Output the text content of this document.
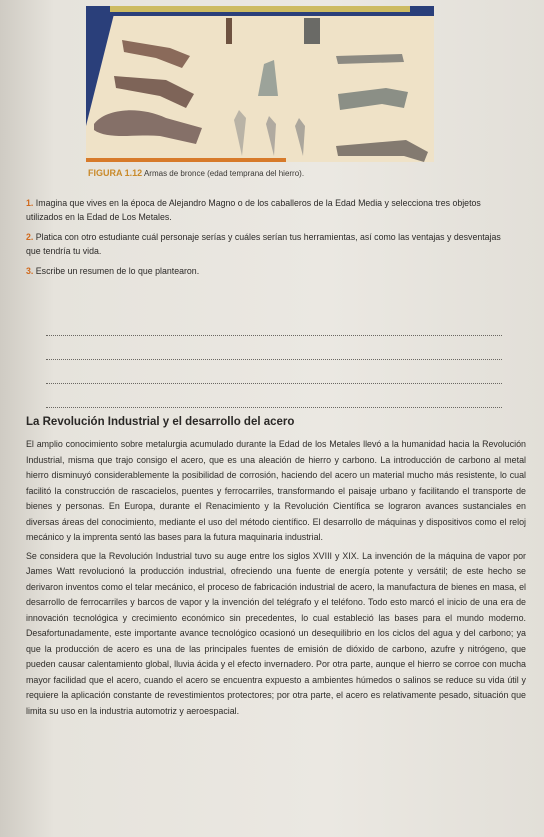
FIGURA 1.12 Armas de bronce (edad temprana del hierro).
1. Imagina que vives en la época de Alejandro Magno o de los caballeros de la Edad Media y selecciona tres objetos utilizados en la Edad de Los Metales.
2. Platica con otro estudiante cuál personaje serías y cuáles serían tus herramientas, así como las ventajas y desventajas que tendría tu vida.
3. Escribe un resumen de lo que plantearon.
La Revolución Industrial y el desarrollo del acero

El amplio conocimiento sobre metalurgia acumulado durante la Edad de los Metales llevó a la humanidad hacia la Revolución Industrial, misma que trajo consigo el acero, que es una aleación de hierro y carbono. La introducción de carbono al metal hierro disminuyó considerablemente la posibilidad de corrosión, haciendo del acero un material mucho más resistente, lo cual facilitó la construcción de rascacielos, puentes y ferrocarriles, transformando el paisaje urbano y facilitando el transporte de bienes y personas. En Europa, durante el Renacimiento y la Revolución Científica se lograron avances sustanciales en diversas áreas del conocimiento, mediante el uso del método científico. El desarrollo de máquinas y dispositivos como el reloj mecánico y la imprenta sentó las bases para la futura maquinaria industrial.

Se considera que la Revolución Industrial tuvo su auge entre los siglos XVIII y XIX. La invención de la máquina de vapor por James Watt revolucionó la producción industrial, ofreciendo una fuente de energía potente y versátil; de este hecho se derivaron inventos como el telar mecánico, el proceso de fabricación industrial de acero, la manufactura de bienes en masa, el desarrollo de ferrocarriles y barcos de vapor y la invención del telégrafo y el teléfono. Todo esto marcó el inicio de una era de innovación tecnológica y crecimiento económico sin precedentes, lo cual estableció las bases para el mundo moderno. Desafortunadamente, este importante avance tecnológico ocasionó un desequilibrio en los ciclos del agua y del carbono; ya que la producción de acero es una de las principales fuentes de emisión de dióxido de carbono, azufre y nitrógeno, que pueden causar calentamiento global, lluvia ácida y el efecto invernadero. Por otra parte, aunque el hierro se corroe con mucha mayor facilidad que el acero, cuando el acero se encuentra expuesto a ambientes húmedos o salinos se reduce su vida útil y requiere la aplicación constante de revestimientos protectores; por otra parte, el acero es relativamente pesado, situación que limita su uso en la industria automotriz y aeroespacial.
